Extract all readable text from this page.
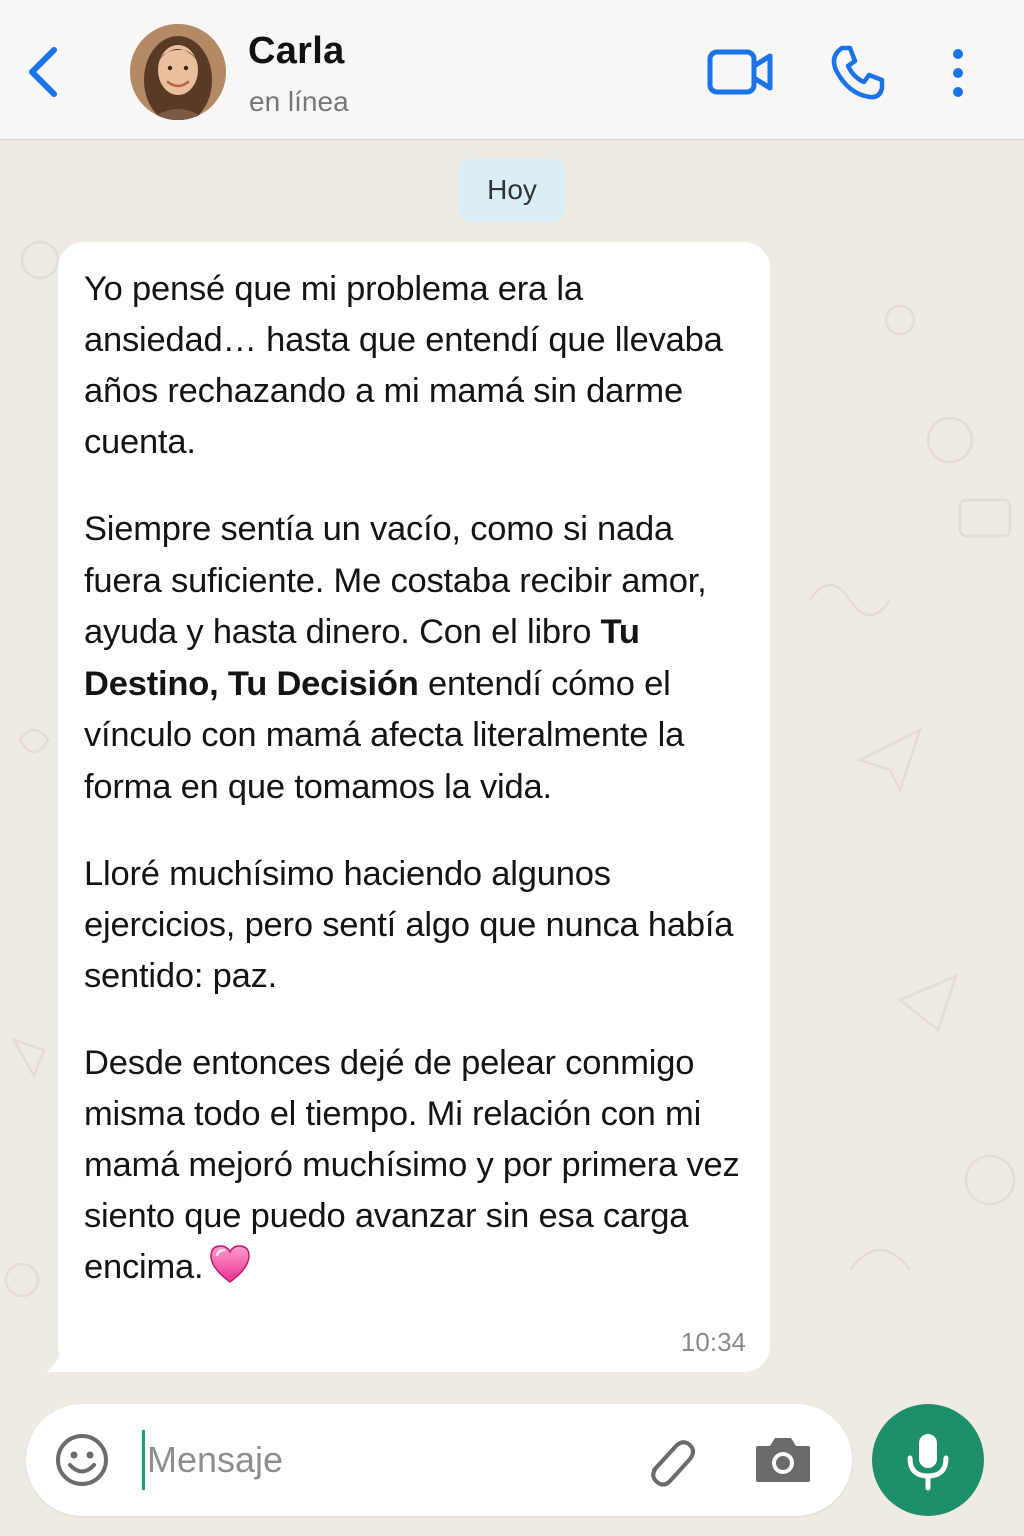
Carla
en línea
Hoy

Yo pensé que mi problema era la ansiedad… hasta que entendí que llevaba años rechazando a mi mamá sin darme cuenta.

Siempre sentía un vacío, como si nada fuera suficiente. Me costaba recibir amor, ayuda y hasta dinero. Con el libro Tu Destino, Tu Decisión entendí cómo el vínculo con mamá afecta literalmente la forma en que tomamos la vida.

Lloré muchísimo haciendo algunos ejercicios, pero sentí algo que nunca había sentido: paz.

Desde entonces dejé de pelear conmigo misma todo el tiempo. Mi relación con mi mamá mejoró muchísimo y por primera vez siento que puedo avanzar sin esa carga encima.

10:34
Mensaje
